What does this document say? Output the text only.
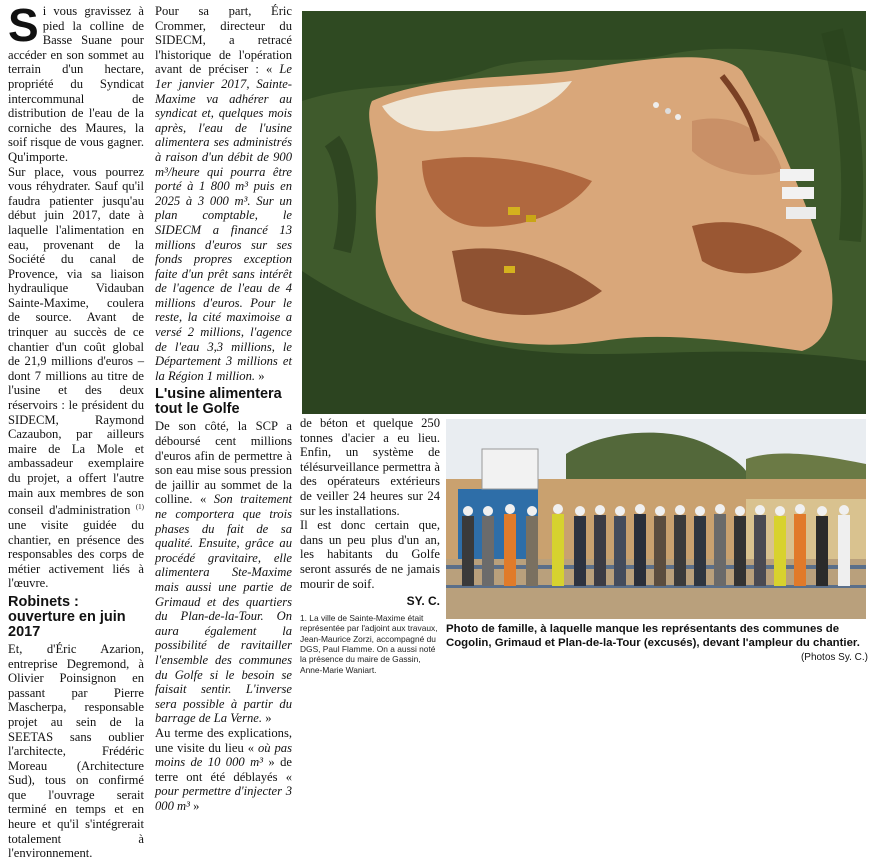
S i vous gravissez à pied la colline de Basse Suane pour accéder en son sommet au terrain d'un hectare, propriété du Syndicat intercommunal de distribution de l'eau de la corniche des Maures, la soif risque de vous gagner. Qu'importe.

Sur place, vous pourrez vous réhydrater. Sauf qu'il faudra patienter jusqu'au début juin 2017, date à laquelle l'alimentation en eau, provenant de la Société du canal de Provence, via sa liaison hydraulique Vidauban Sainte-Maxime, coulera de source. Avant de trinquer au succès de ce chantier d'un coût global de 21,9 millions d'euros – dont 7 millions au titre de l'usine et des deux réservoirs : le président du SIDECM, Raymond Cazaubon, par ailleurs maire de La Mole et ambassadeur exemplaire du projet, a offert l'autre main aux membres de son conseil d'administration $^{(1)}$ une visite guidée du chantier, en présence des responsables des corps de métier activement liés à l'œuvre.

Robinets : ouverture en juin 2017

Et, d'Éric Azarion, entreprise Degremond, à Olivier Poinsignon en passant par Pierre Mascherpa, responsable projet au sein de la SEETAS sans oublier l'architecte, Frédéric Moreau (Architecture Sud), tous on confirmé que l'ouvrage serait terminé en temps et en heure et qu'il s'intégrerait totalement à l'environnement.

Pour sa part, Éric Crommer, directeur du SIDECM, a retracé l'historique de l'opération avant de préciser : « Le 1er janvier 2017, Sainte-Maxime va adhérer au syndicat et, quelques mois après, l'eau de l'usine alimentera ses administrés à raison d'un débit de 900 m³/heure qui pourra être porté à 1 800 m³ puis en 2025 à 3 000 m³. Sur un plan comptable, le SIDECM a financé 13 millions d'euros sur ses fonds propres exception faite d'un prêt sans intérêt de l'agence de l'eau de 4 millions d'euros. Pour le reste, la cité maximoise a versé 2 millions, l'agence de l'eau 3,3 millions, le Département 3 millions et la Région 1 million. »

L'usine alimentera tout le Golfe

De son côté, la SCP a déboursé cent millions d'euros afin de permettre à son eau mise sous pression de jaillir au sommet de la colline. « Son traitement ne comportera que trois phases du fait de sa qualité. Ensuite, grâce au procédé gravitaire, elle alimentera Ste-Maxime mais aussi une partie de Grimaud et des quartiers du Plan-de-la-Tour. On aura également la possibilité de ravitailler l'ensemble des communes du Golfe si le besoin se faisait sentir. L'inverse sera possible à partir du barrage de La Verne. »

Au terme des explications, une visite du lieu « où pas moins de 10 000 m³ » de terre ont été déblayés « pour permettre d'injecter 3 000 m³ »

de béton et quelque 250 tonnes d'acier a eu lieu. Enfin, un système de télésurveillance permettra à des opérateurs extérieurs de veiller 24 heures sur 24 sur les installations.

Il est donc certain que, dans un peu plus d'un an, les habitants du Golfe seront assurés de ne jamais mourir de soif.

SY. C.
1. La ville de Sainte-Maxime était représentée par l'adjoint aux travaux, Jean-Maurice Zorzi, accompagné du DGS, Paul Flamme. On a aussi noté la présence du maire de Gassin, Anne-Marie Waniart.
Photo de famille, à laquelle manque les représentants des communes de Cogolin, Grimaud et Plan-de-la-Tour (excusés), devant l'ampleur du chantier.
(Photos Sy. C.)
